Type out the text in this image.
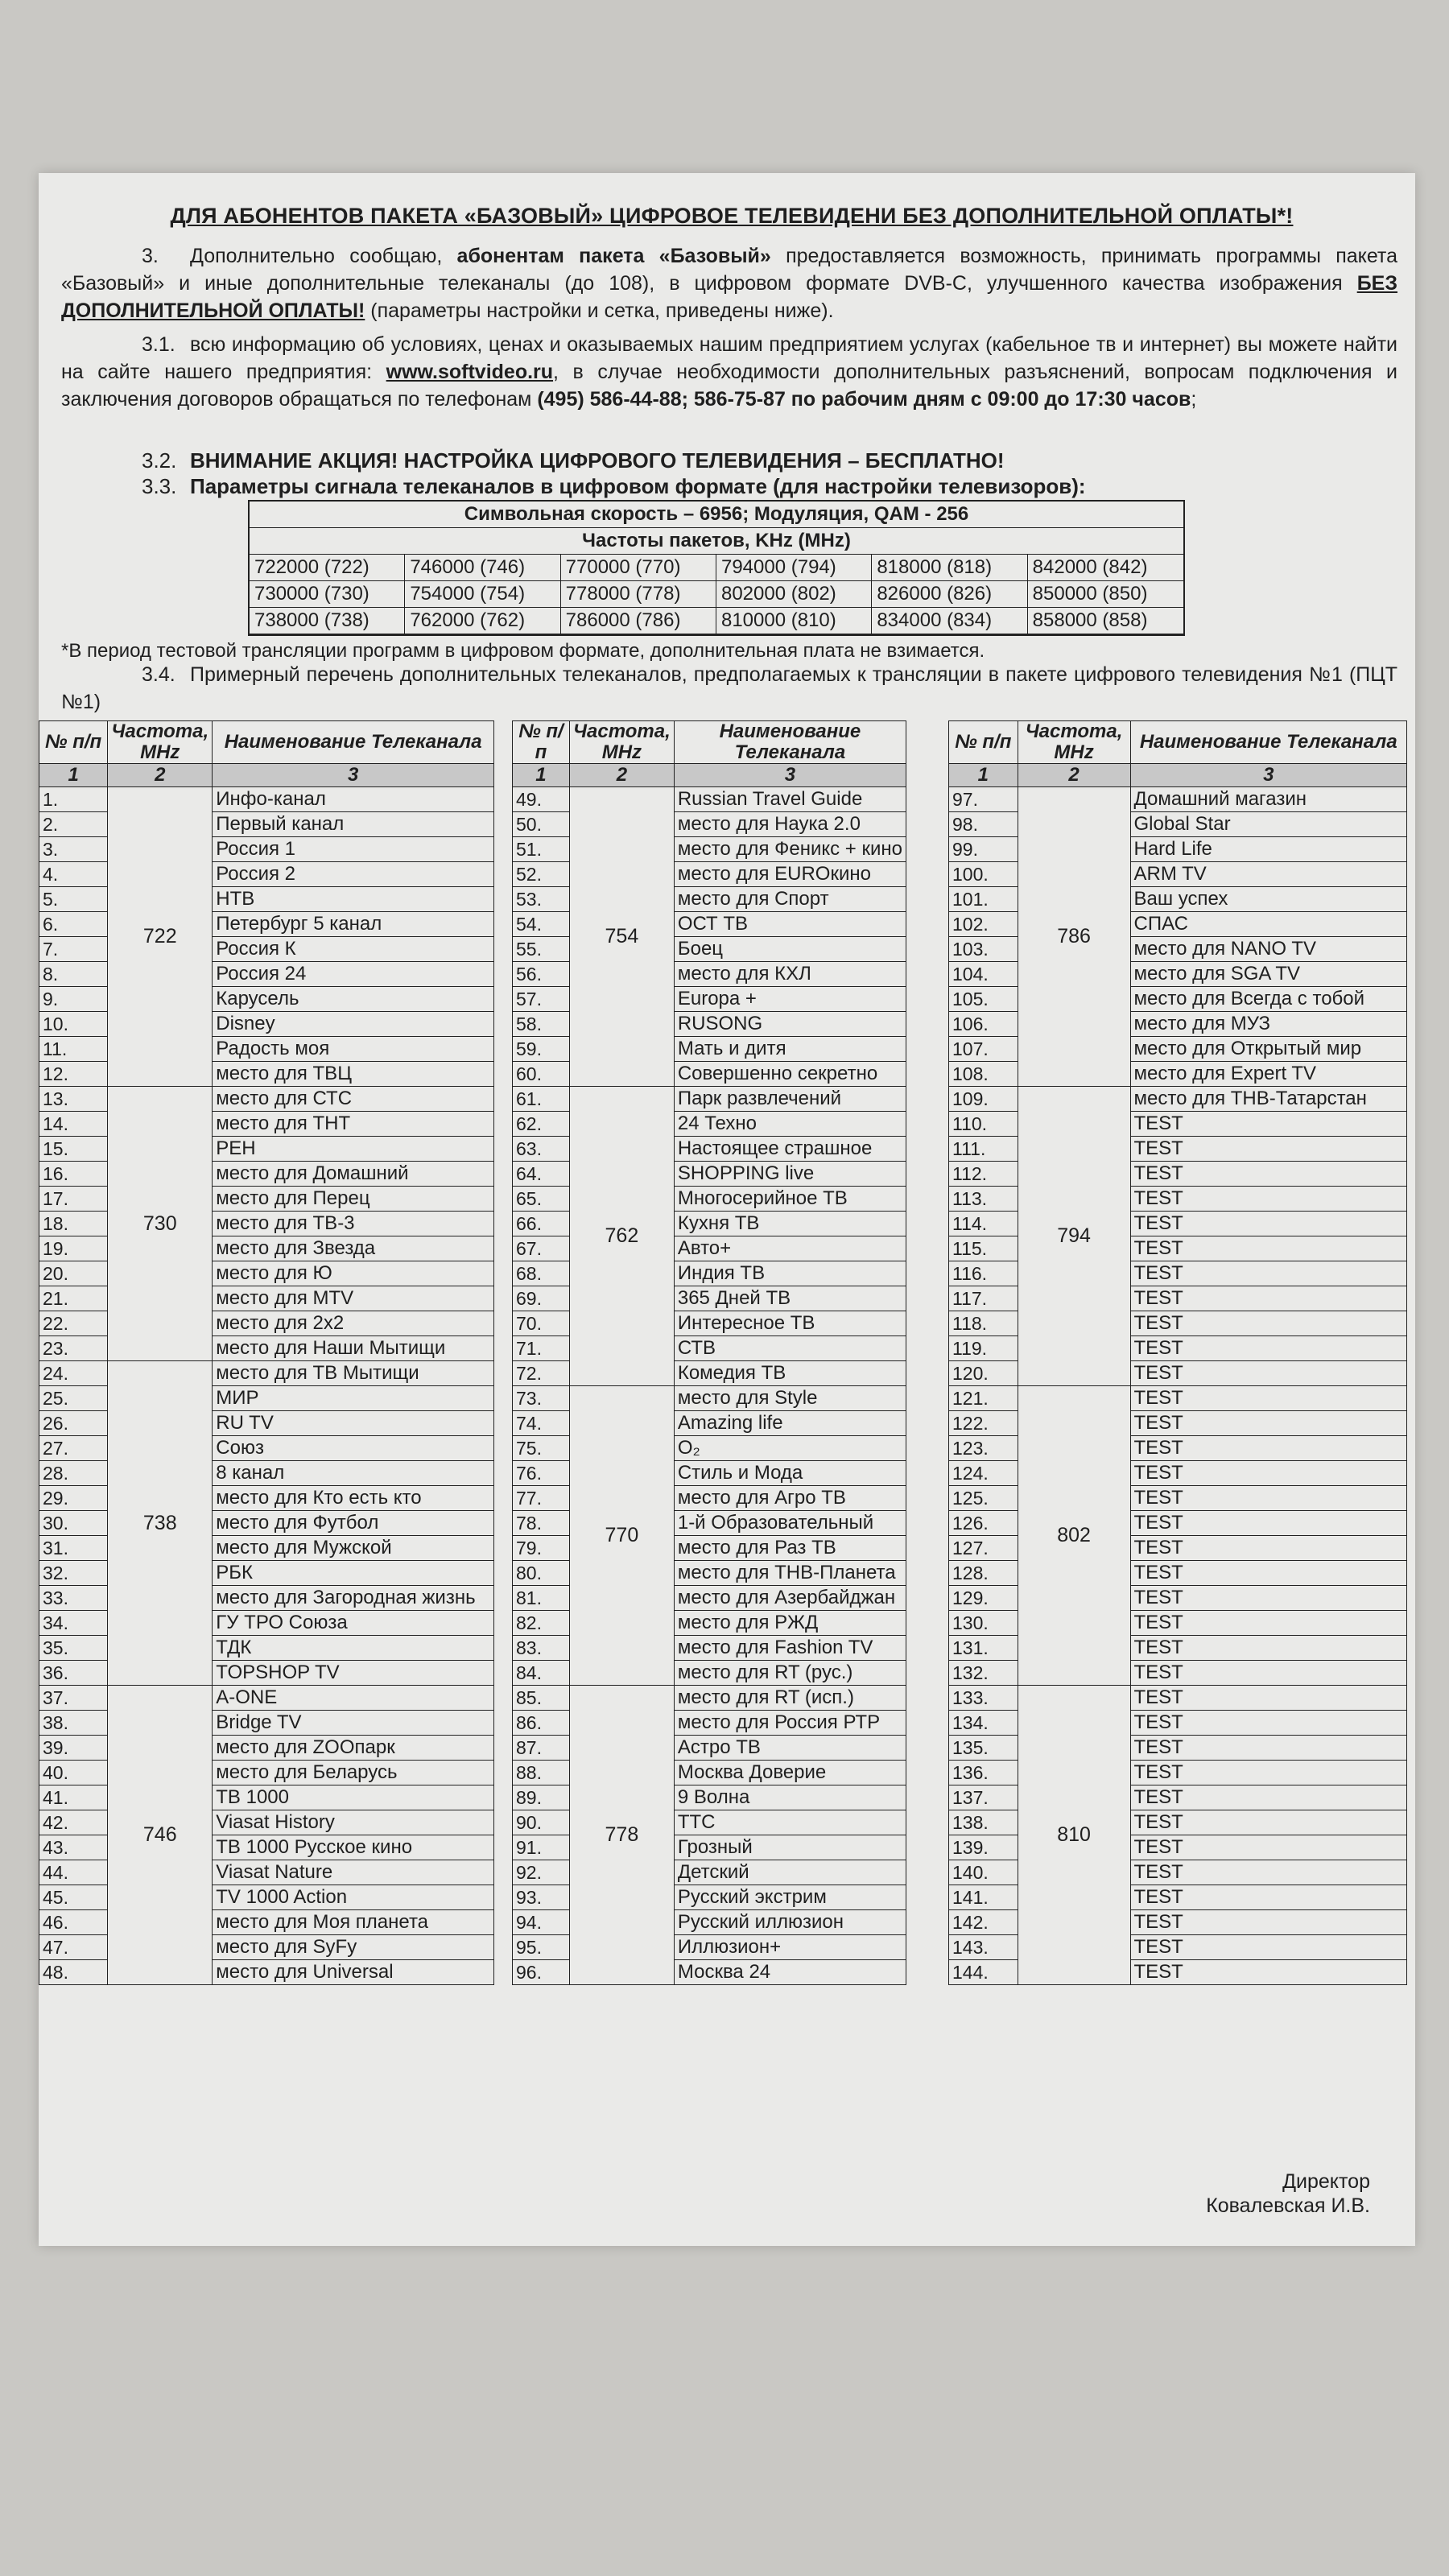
ДЛЯ АБОНЕНТОВ ПАКЕТА «БАЗОВЫЙ» ЦИФРОВОЕ ТЕЛЕВИДЕНИ БЕЗ ДОПОЛНИТЕЛЬНОЙ ОПЛАТЫ*!
3. Дополнительно сообщаю, абонентам пакета «Базовый» предоставляется возможность, принимать программы пакета «Базовый» и иные дополнительные телеканалы (до 108), в цифровом формате DVB-C, улучшенного качества изображения БЕЗ ДОПОЛНИТЕЛЬНОЙ ОПЛАТЫ! (параметры настройки и сетка, приведены ниже).
3.1. всю информацию об условиях, ценах и оказываемых нашим предприятием услугах (кабельное тв и интернет) вы можете найти на сайте нашего предприятия: www.softvideo.ru, в случае необходимости дополнительных разъяснений, вопросам подключения и заключения договоров обращаться по телефонам (495) 586-44-88; 586-75-87 по рабочим дням с 09:00 до 17:30 часов;
3.2. ВНИМАНИЕ АКЦИЯ! НАСТРОЙКА ЦИФРОВОГО ТЕЛЕВИДЕНИЯ – БЕСПЛАТНО!
3.3. Параметры сигнала телеканалов в цифровом формате (для настройки телевизоров):
Символьная скорость – 6956; Модуляция, QAM - 256
Частоты пакетов, KHz (MHz)
722000 (722)	746000 (746)	770000 (770)	794000 (794)	818000 (818)	842000 (842)
730000 (730)	754000 (754)	778000 (778)	802000 (802)	826000 (826)	850000 (850)
738000 (738)	762000 (762)	786000 (786)	810000 (810)	834000 (834)	858000 (858)
*В период тестовой трансляции программ в цифровом формате, дополнительная плата не взимается.
3.4. Примерный перечень дополнительных телеканалов, предполагаемых к трансляции в пакете цифрового телевидения №1 (ПЦТ №1)
№ п/п	Частота, MHz	Наименование Телеканала
1	2	3
1.	722	Инфо-канал
2.		Первый канал
3.		Россия 1
4.		Россия 2
5.		НТВ
6.		Петербург 5 канал
7.		Россия К
8.		Россия 24
9.		Карусель
10.		Disney
11.		Радость моя
12.		место для ТВЦ
13.	730	место для СТС
14.		место для ТНТ
15.		РЕН
16.		место для Домашний
17.		место для Перец
18.		место для ТВ-3
19.		место для Звезда
20.		место для Ю
21.		место для MTV
22.		место для 2х2
23.		место для Наши Мытищи
24.	738	место для ТВ Мытищи
25.		МИР
26.		RU TV
27.		Союз
28.		8 канал
29.		место для Кто есть кто
30.		место для Футбол
31.		место для Мужской
32.		РБК
33.		место для Загородная жизнь
34.		ГУ ТРО Союза
35.		ТДК
36.		TOPSHOP TV
37.	746	A-ONE
38.		Bridge TV
39.		место для ZOOпарк
40.		место для Беларусь
41.		ТВ 1000
42.		Viasat History
43.		ТВ 1000 Русское кино
44.		Viasat Nature
45.		TV 1000 Action
46.		место для Моя планета
47.		место для SyFy
48.		место для Universal
№ п/п	Частота, MHz	Наименование Телеканала
1	2	3
49.	754	Russian Travel Guide
50.		место для Наука 2.0
51.		место для Феникс + кино
52.		место для EURОкино
53.		место для Спорт
54.		ОСТ ТВ
55.		Боец
56.		место для КХЛ
57.		Europa +
58.		RUSONG
59.		Мать и дитя
60.		Совершенно секретно
61.	762	Парк развлечений
62.		24 Техно
63.		Настоящее страшное
64.		SHOPPING live
65.		Многосерийное ТВ
66.		Кухня ТВ
67.		Авто+
68.		Индия ТВ
69.		365 Дней ТВ
70.		Интересное ТВ
71.		СТВ
72.		Комедия ТВ
73.	770	место для Style
74.		Amazing life
75.		O₂
76.		Стиль и Мода
77.		место для Агро ТВ
78.		1-й Образовательный
79.		место для Раз ТВ
80.		место для ТНВ-Планета
81.		место для Азербайджан
82.		место для РЖД
83.		место для Fashion TV
84.		место для RT (рус.)
85.	778	место для RT (исп.)
86.		место для Россия РТР
87.		Астро ТВ
88.		Москва Доверие
89.		9 Волна
90.		ТТС
91.		Грозный
92.		Детский
93.		Русский экстрим
94.		Русский иллюзион
95.		Иллюзион+
96.		Москва 24
№ п/п	Частота, MHz	Наименование Телеканала
1	2	3
97.	786	Домашний магазин
98.		Global Star
99.		Hard Life
100.		ARM TV
101.		Ваш успех
102.		СПАС
103.		место для NANO TV
104.		место для SGA TV
105.		место для Всегда с тобой
106.		место для МУЗ
107.		место для Открытый мир
108.		место для Expert TV
109.	794	место для ТНВ-Татарстан
110.		TEST
111.		TEST
112.		TEST
113.		TEST
114.		TEST
115.		TEST
116.		TEST
117.		TEST
118.		TEST
119.		TEST
120.		TEST
121.	802	TEST
122.		TEST
123.		TEST
124.		TEST
125.		TEST
126.		TEST
127.		TEST
128.		TEST
129.		TEST
130.		TEST
131.		TEST
132.		TEST
133.	810	TEST
134.		TEST
135.		TEST
136.		TEST
137.		TEST
138.		TEST
139.		TEST
140.		TEST
141.		TEST
142.		TEST
143.		TEST
144.		TEST
Директор
Ковалевская И.В.
